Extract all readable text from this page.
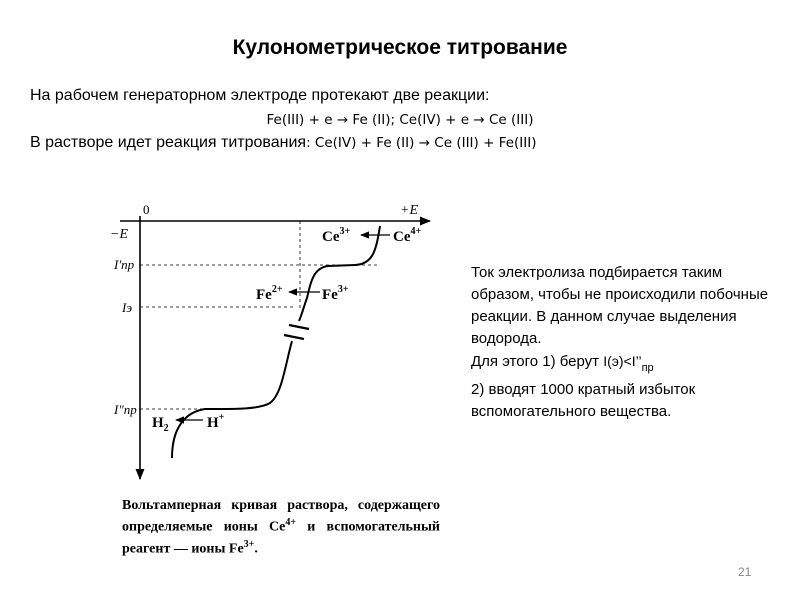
Кулонометрическое титрование
На рабочем генераторном электроде протекают две реакции:
Fe(III) + e → Fe (II); Ce(IV) + e → Ce (III)
В растворе идет реакция титрования: Ce(IV) + Fe (II) → Ce (III) + Fe(III)
0	+E
−E
I′пр
Iэ
I″пр
$Ce^{3+}$	$Ce^{4+}$
$Fe^{2+}$	$Fe^{3+}$
$H_2$	H+
Вольтамперная кривая раствора, содержащего определяемые ионы $Ce^{4+}$ и вспомогательный реагент — ионы $Fe^{3+}$.

Ток электролиза подбирается таким образом, чтобы не происходили побочные реакции. В данном случае выделения водорода.

Для этого 1) берут $I(э)<I’’_{пр}$

2) вводят 1000 кратный избыток вспомогательного вещества.

21
